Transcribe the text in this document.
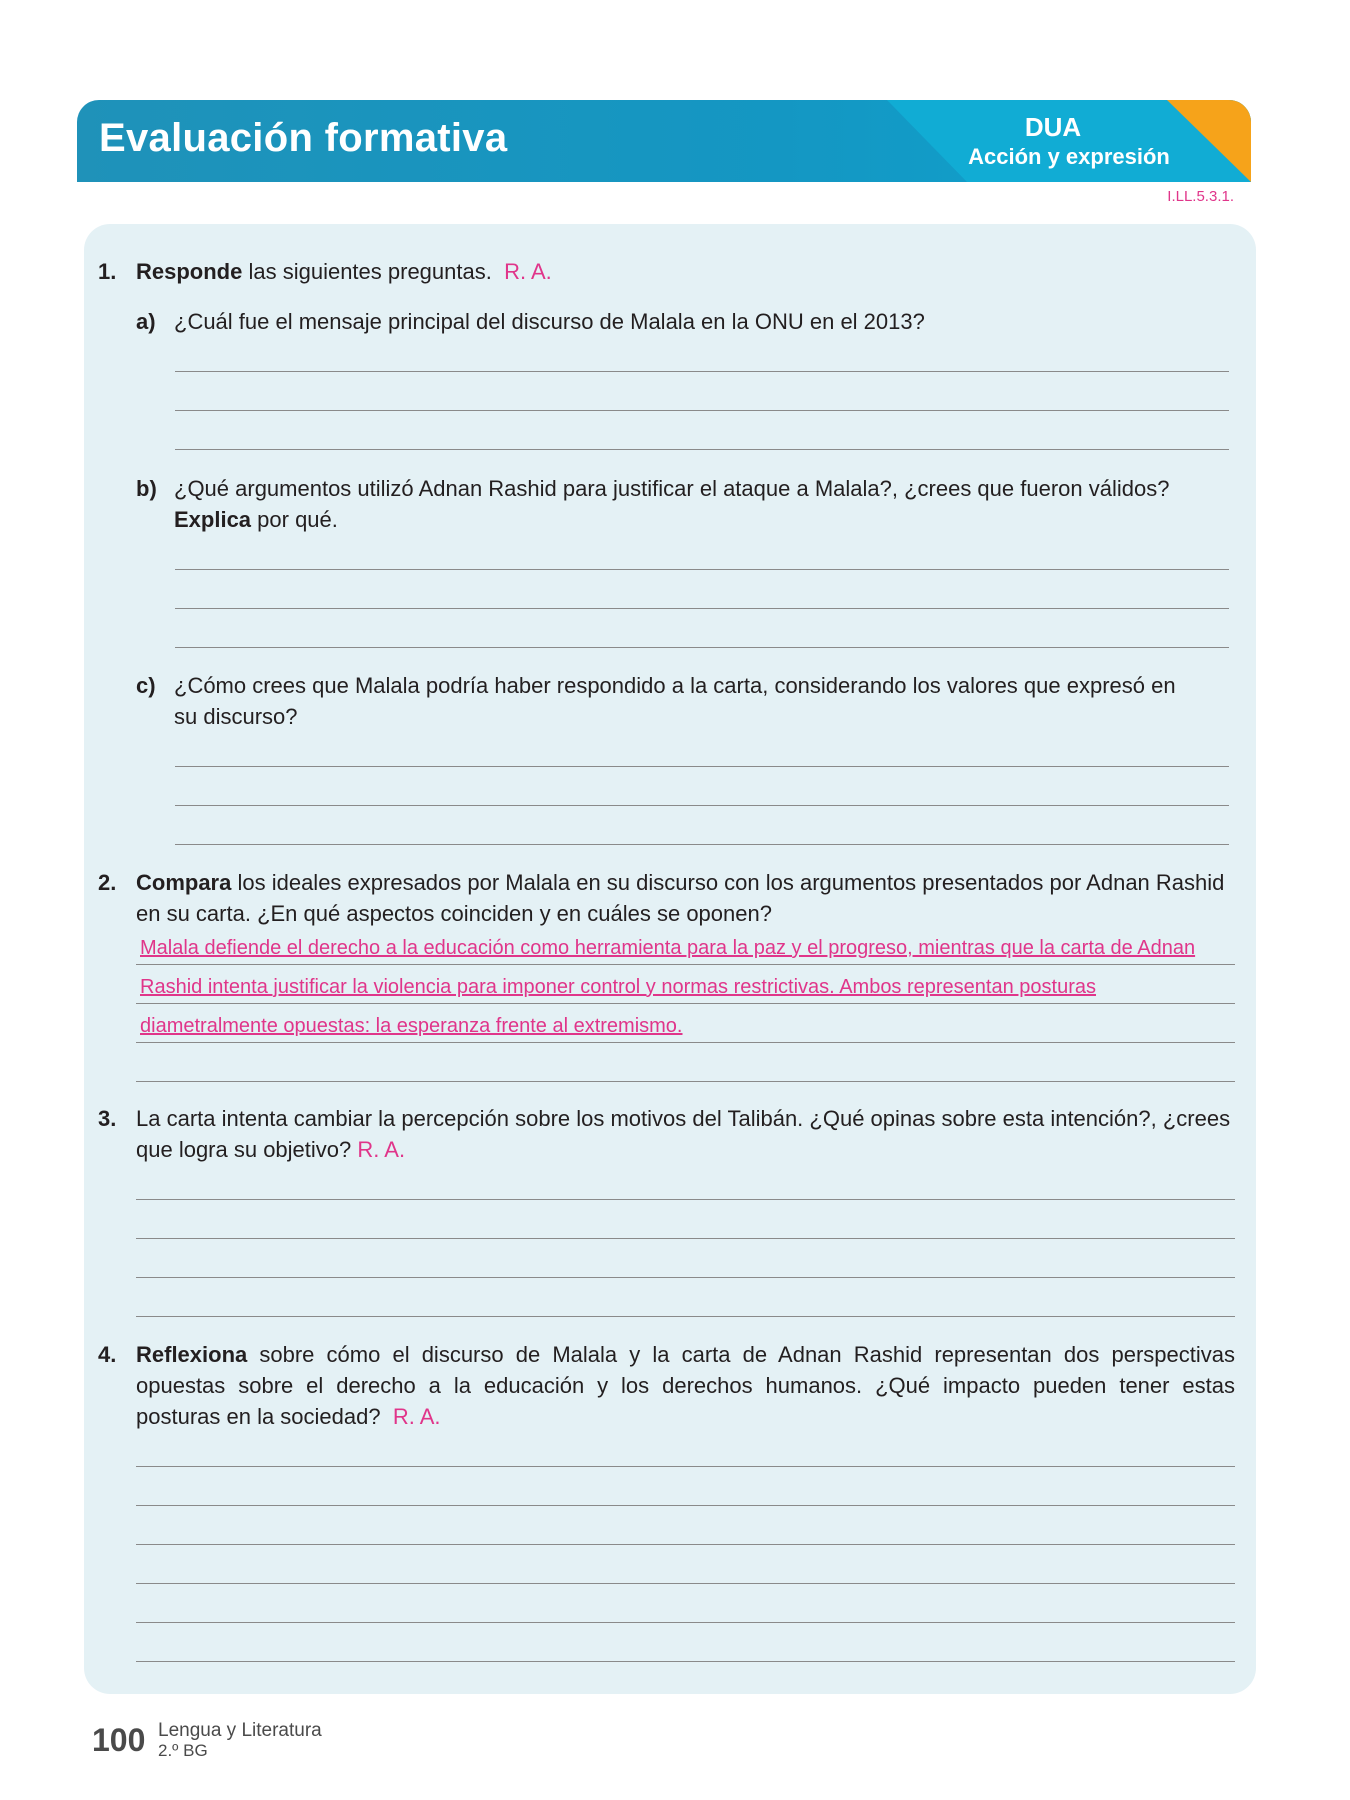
Evaluación formativa	DUA
Acción y expresión
I.LL.5.3.1.
1. Responde las siguientes preguntas. R. A.
a) ¿Cuál fue el mensaje principal del discurso de Malala en la ONU en el 2013?
b) ¿Qué argumentos utilizó Adnan Rashid para justificar el ataque a Malala?, ¿crees que fueron válidos?
Explica por qué.
c) ¿Cómo crees que Malala podría haber respondido a la carta, considerando los valores que expresó en
su discurso?
2. Compara los ideales expresados por Malala en su discurso con los argumentos presentados por Adnan Rashid
en su carta. ¿En qué aspectos coinciden y en cuáles se oponen?
Malala defiende el derecho a la educación como herramienta para la paz y el progreso, mientras que la carta de Adnan
Rashid intenta justificar la violencia para imponer control y normas restrictivas. Ambos representan posturas
diametralmente opuestas: la esperanza frente al extremismo.
3. La carta intenta cambiar la percepción sobre los motivos del Talibán. ¿Qué opinas sobre esta intención?, ¿crees
que logra su objetivo? R. A.
4. Reflexiona sobre cómo el discurso de Malala y la carta de Adnan Rashid representan dos perspectivas
opuestas sobre el derecho a la educación y los derechos humanos. ¿Qué impacto pueden tener estas
posturas en la sociedad? R. A.
100 Lengua y Literatura
2.º BG
